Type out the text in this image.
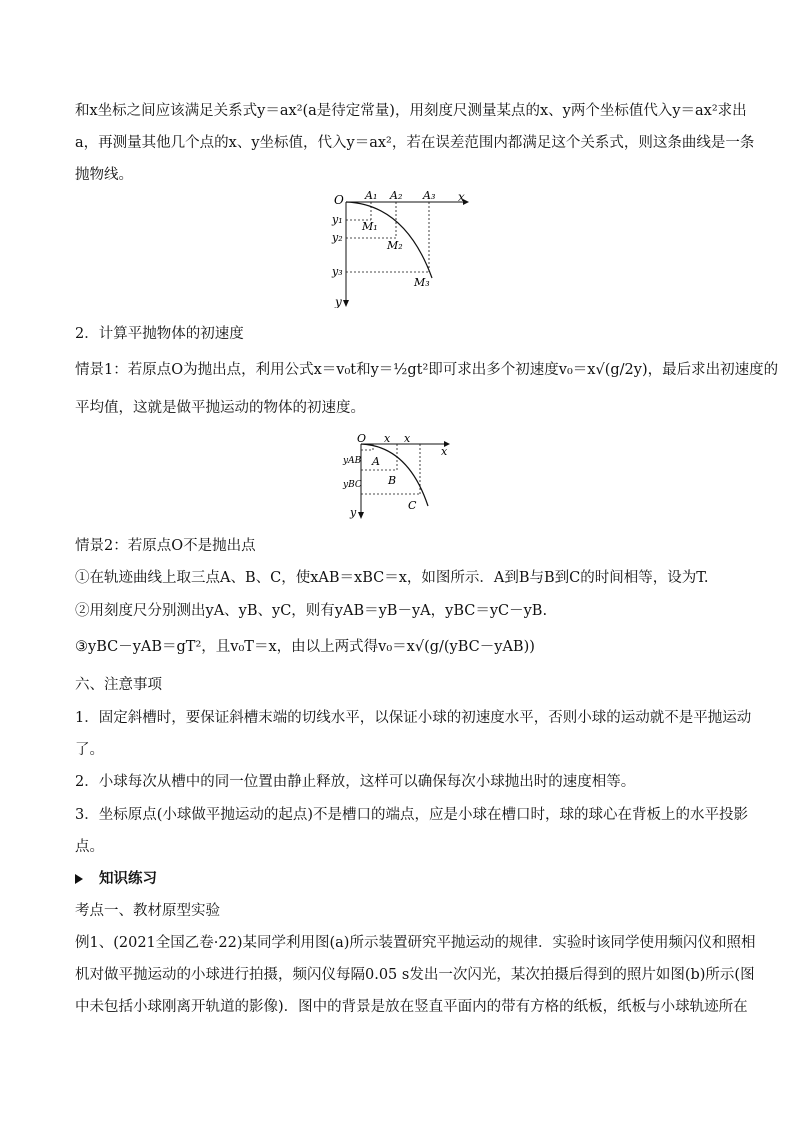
和x坐标之间应该满足关系式y＝ax²(a是待定常量)，用刻度尺测量某点的x、y两个坐标值代入y＝ax²求出
a，再测量其他几个点的x、y坐标值，代入y＝ax²，若在误差范围内都满足这个关系式，则这条曲线是一条
抛物线。
O	x
y
A₁ A₂ A₃
y₁
y₂
y₃
M₁
M₂
M₃
2．计算平抛物体的初速度
情景1：若原点O为抛出点，利用公式x＝v₀t和y＝½gt²即可求出多个初速度v₀＝x√(g/2y)，最后求出初速度的
平均值，这就是做平抛运动的物体的初速度。
O x x
x
y
yAB
yBC
A
B
C
情景2：若原点O不是抛出点
①在轨迹曲线上取三点A、B、C，使xAB＝xBC＝x，如图所示．A到B与B到C的时间相等，设为T.
②用刻度尺分别测出yA、yB、yC，则有yAB＝yB－yA，yBC＝yC－yB.
③yBC－yAB＝gT²，且v₀T＝x，由以上两式得v₀＝x√(g/(yBC－yAB))
六、注意事项
1．固定斜槽时，要保证斜槽末端的切线水平，以保证小球的初速度水平，否则小球的运动就不是平抛运动
了。
2．小球每次从槽中的同一位置由静止释放，这样可以确保每次小球抛出时的速度相等。
3．坐标原点(小球做平抛运动的起点)不是槽口的端点，应是小球在槽口时，球的球心在背板上的水平投影
点。
知识练习
考点一、教材原型实验
例1、(2021全国乙卷·22)某同学利用图(a)所示装置研究平抛运动的规律．实验时该同学使用频闪仪和照相
机对做平抛运动的小球进行拍摄，频闪仪每隔0.05 s发出一次闪光，某次拍摄后得到的照片如图(b)所示(图
中未包括小球刚离开轨道的影像)．图中的背景是放在竖直平面内的带有方格的纸板，纸板与小球轨迹所在
